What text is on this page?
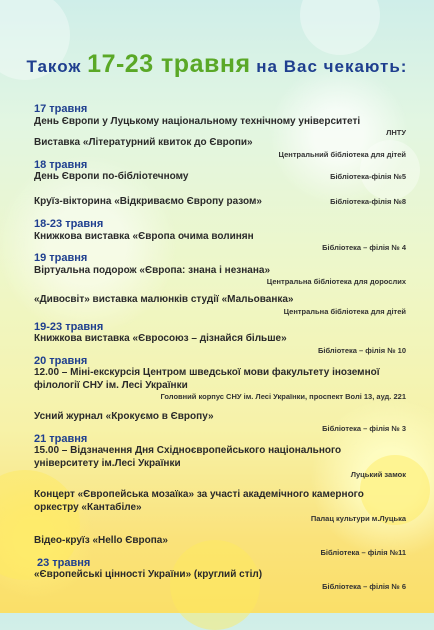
Також 17-23 травня на Вас чекають:
17 травня
День Європи у Луцькому національному технічному університеті
ЛНТУ
Виставка «Літературний квиток до Європи»
Центральний бібліотека для дітей
18 травня
День Європи по-бібліотечному	Бібліотека-філія №5
Круїз-вікторина «Відкриваємо Європу разом»	Бібліотека-філія №8
18-23 травня
Книжкова виставка «Європа очима волинян
Бібліотека – філія № 4
19 травня
Віртуальна подорож «Європа: знана і незнана»
Центральна бібліотека для дорослих
«Дивосвіт» виставка малюнків студії «Мальованка»
Центральна бібліотека для дітей
19-23 травня
Книжкова виставка «Євросоюз – дізнайся більше»
Бібліотека – філія № 10
20 травня
12.00 – Міні-екскурсія Центром шведської мови факультету іноземної філології СНУ ім. Лесі Українки
Головний корпус СНУ ім. Лесі Українки, проспект Волі 13, ауд. 221
Усний журнал «Крокуємо в Європу»
Бібліотека – філія № 3
21 травня
15.00 – Відзначення Дня Східноєвропейського національного університету ім.Лесі Українки
Луцький замок
Концерт «Європейська мозаїка» за участі академічного камерного оркестру «Кантабіле»
Палац культури м.Луцька
Відео-круїз «Hello Європа»
Бібліотека – філія №11
23 травня
«Європейські цінності України» (круглий стіл)
Бібліотека – філія № 6
